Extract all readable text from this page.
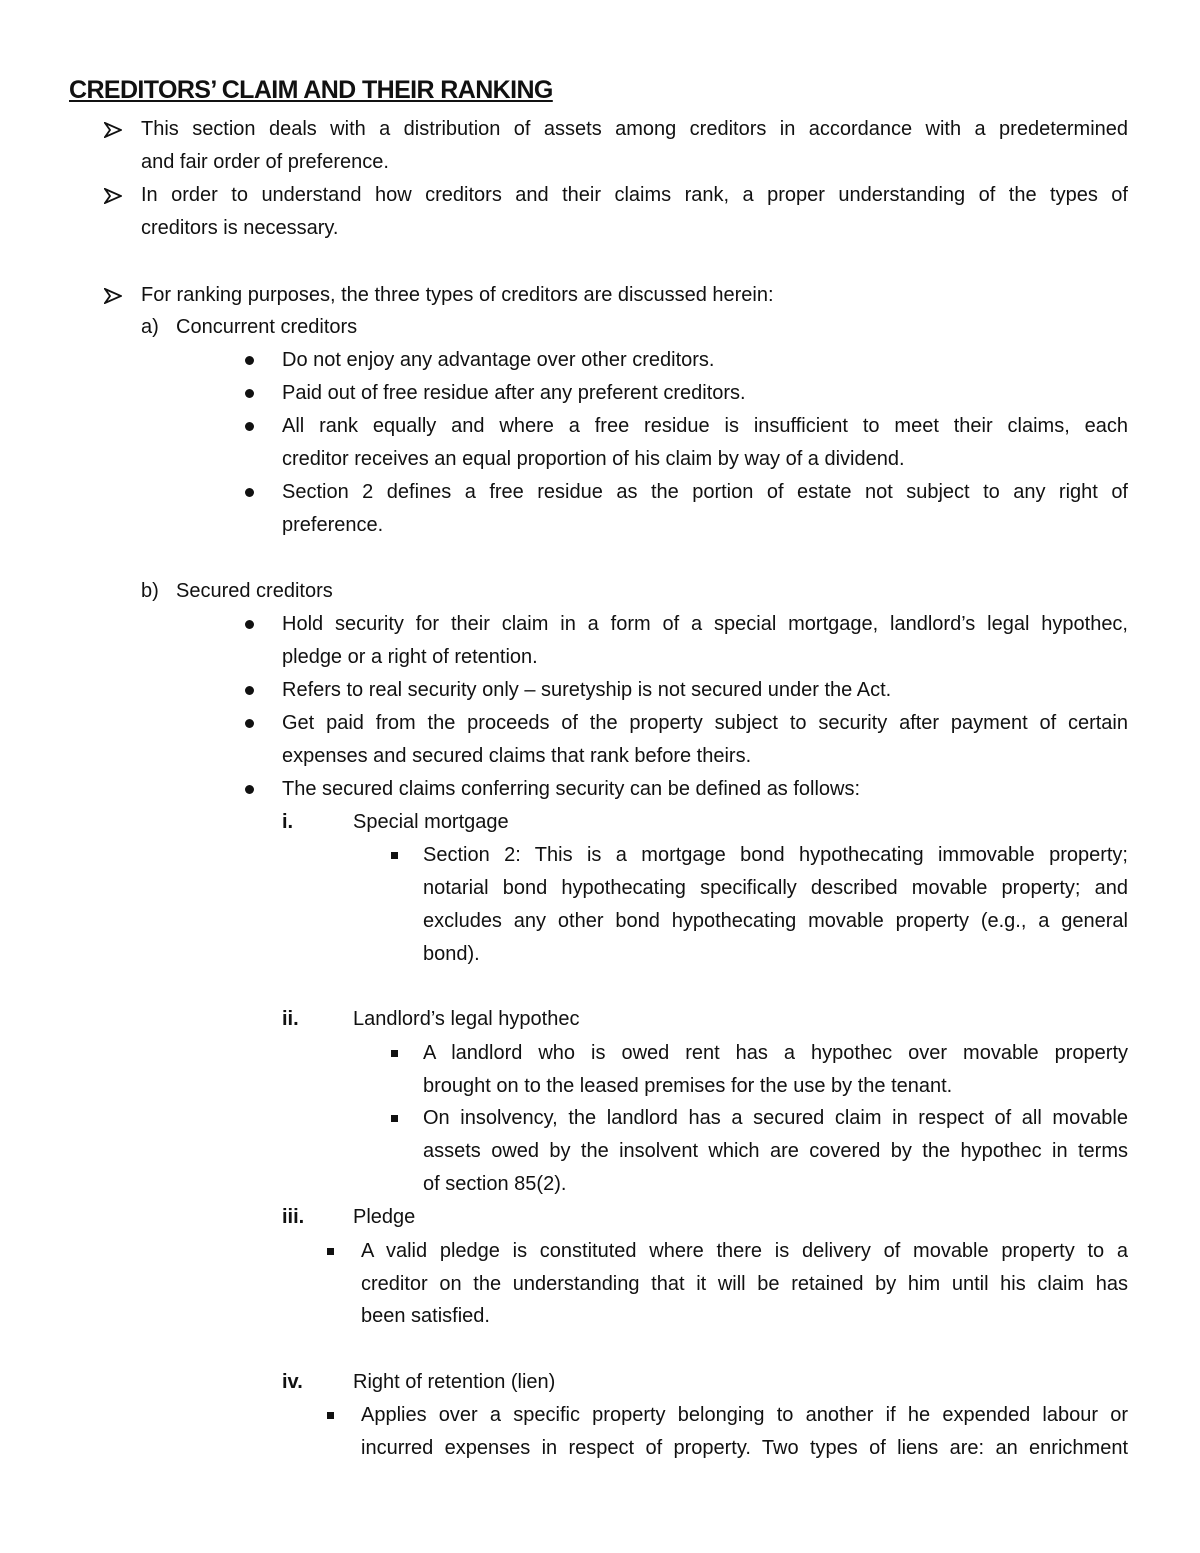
CREDITORS’ CLAIM AND THEIR RANKING
This section deals with a distribution of assets among creditors in accordance with a predetermined
and fair order of preference.
In order to understand how creditors and their claims rank, a proper understanding of the types of
creditors is necessary.
For ranking purposes, the three types of creditors are discussed herein:
a) Concurrent creditors
Do not enjoy any advantage over other creditors.
Paid out of free residue after any preferent creditors.
All rank equally and where a free residue is insufficient to meet their claims, each
creditor receives an equal proportion of his claim by way of a dividend.
Section 2 defines a free residue as the portion of estate not subject to any right of
preference.
b) Secured creditors
Hold security for their claim in a form of a special mortgage, landlord’s legal hypothec,
pledge or a right of retention.
Refers to real security only – suretyship is not secured under the Act.
Get paid from the proceeds of the property subject to security after payment of certain
expenses and secured claims that rank before theirs.
The secured claims conferring security can be defined as follows:
i.	Special mortgage
Section 2: This is a mortgage bond hypothecating immovable property;
notarial bond hypothecating specifically described movable property; and
excludes any other bond hypothecating movable property (e.g., a general
bond).
ii.	Landlord’s legal hypothec
A landlord who is owed rent has a hypothec over movable property
brought on to the leased premises for the use by the tenant.
On insolvency, the landlord has a secured claim in respect of all movable
assets owed by the insolvent which are covered by the hypothec in terms
of section 85(2).
iii. Pledge
A valid pledge is constituted where there is delivery of movable property to a
creditor on the understanding that it will be retained by him until his claim has
been satisfied.
iv.	Right of retention (lien)
Applies over a specific property belonging to another if he expended labour or
incurred expenses in respect of property. Two types of liens are: an enrichment
